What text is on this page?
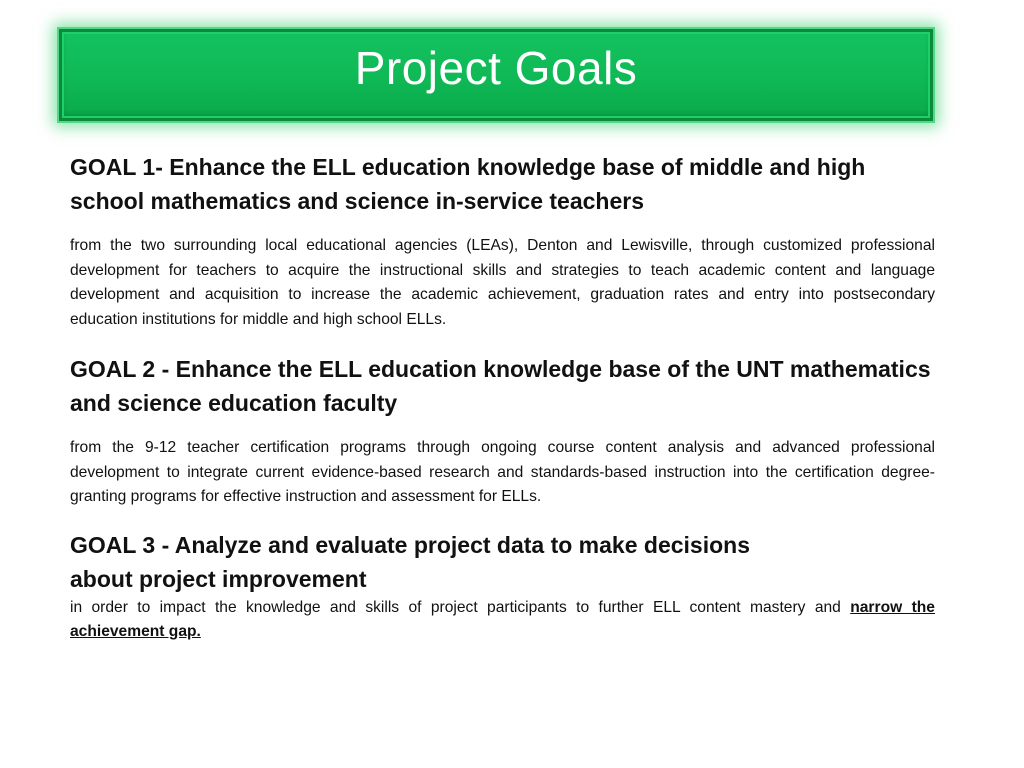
Project Goals

GOAL 1- Enhance the ELL education knowledge base of middle and high school mathematics and science in-service teachers

from the two surrounding local educational agencies (LEAs), Denton and Lewisville, through customized professional development for teachers to acquire the instructional skills and strategies to teach academic content and language development and acquisition to increase the academic achievement, graduation rates and entry into postsecondary education institutions for middle and high school ELLs.

GOAL 2 - Enhance the ELL education knowledge base of the UNT mathematics and science education faculty

from the 9-12 teacher certification programs through ongoing course content analysis and advanced professional development to integrate current evidence-based research and standards-based instruction into the certification degree-granting programs for effective instruction and assessment for ELLs.

GOAL 3 - Analyze and evaluate project data to make decisions
about project improvement

in order to impact the knowledge and skills of project participants to further ELL content mastery and narrow the achievement gap.
